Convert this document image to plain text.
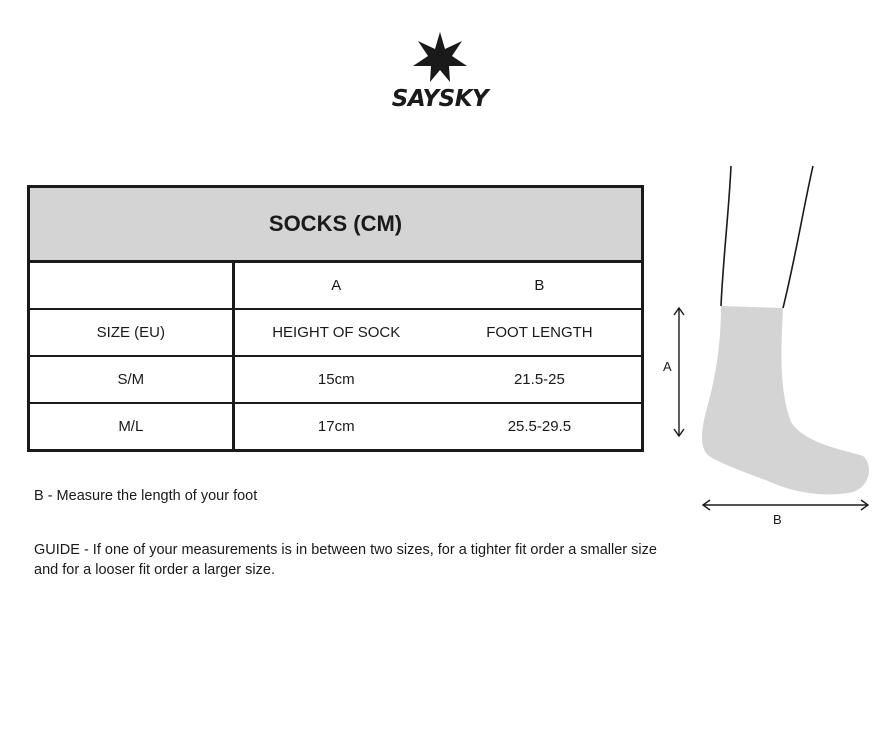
SAYSKY
SOCKS (CM)		
	A	B
SIZE (EU)	HEIGHT OF SOCK	FOOT LENGTH
S/M	15cm	21.5-25
M/L	17cm	25.5-29.5
B - Measure the length of your foot
GUIDE - If one of your measurements is in between two sizes, for a tighter fit order a smaller size
and for a looser fit order a larger size.
A
B
